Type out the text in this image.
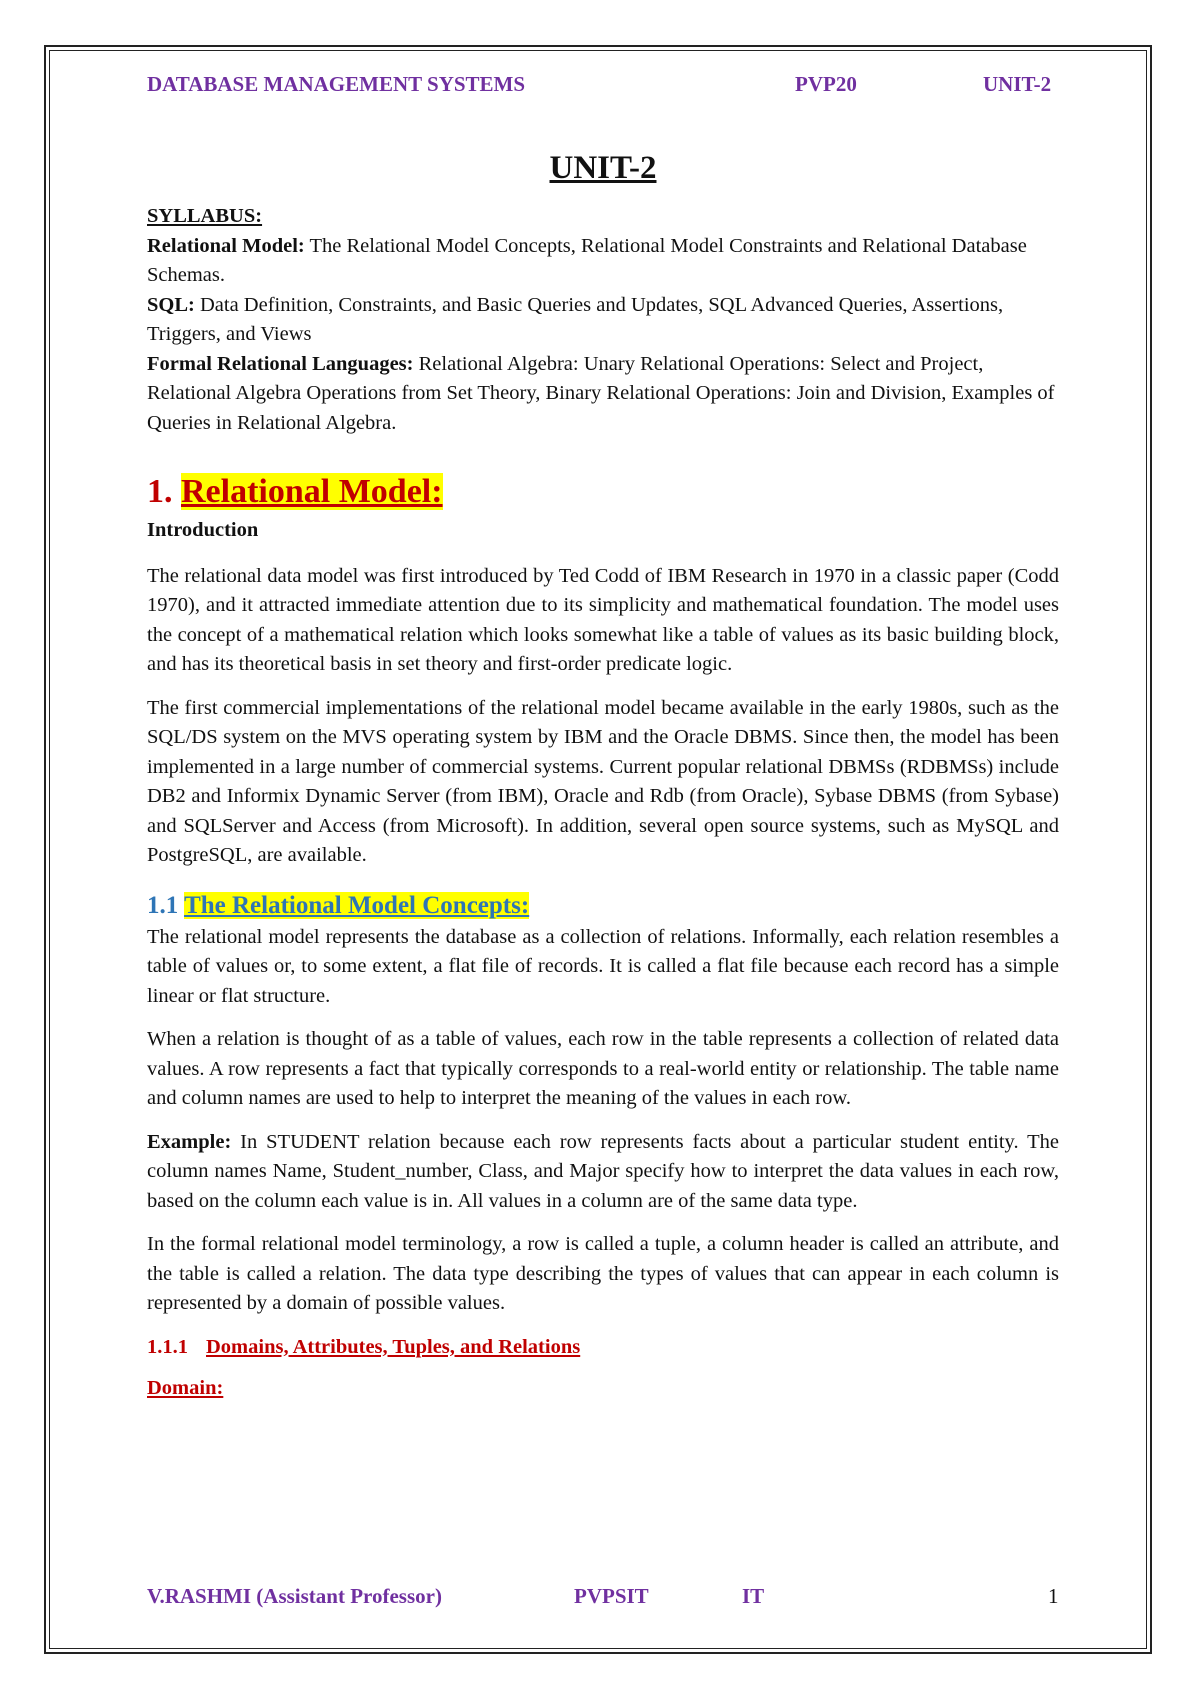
DATABASE MANAGEMENT SYSTEMS	PVP20	UNIT-2
UNIT-2
SYLLABUS:
Relational Model: The Relational Model Concepts, Relational Model Constraints and Relational Database Schemas.
SQL: Data Definition, Constraints, and Basic Queries and Updates, SQL Advanced Queries, Assertions, Triggers, and Views
Formal Relational Languages: Relational Algebra: Unary Relational Operations: Select and Project, Relational Algebra Operations from Set Theory, Binary Relational Operations: Join and Division, Examples of Queries in Relational Algebra.
1. Relational Model:
Introduction

The relational data model was first introduced by Ted Codd of IBM Research in 1970 in a classic paper (Codd 1970), and it attracted immediate attention due to its simplicity and mathematical foundation. The model uses the concept of a mathematical relation which looks somewhat like a table of values as its basic building block, and has its theoretical basis in set theory and first-order predicate logic.

The first commercial implementations of the relational model became available in the early 1980s, such as the SQL/DS system on the MVS operating system by IBM and the Oracle DBMS. Since then, the model has been implemented in a large number of commercial systems. Current popular relational DBMSs (RDBMSs) include DB2 and Informix Dynamic Server (from IBM), Oracle and Rdb (from Oracle), Sybase DBMS (from Sybase) and SQLServer and Access (from Microsoft). In addition, several open source systems, such as MySQL and PostgreSQL, are available.

1.1 The Relational Model Concepts:

The relational model represents the database as a collection of relations. Informally, each relation resembles a table of values or, to some extent, a flat file of records. It is called a flat file because each record has a simple linear or flat structure.

When a relation is thought of as a table of values, each row in the table represents a collection of related data values. A row represents a fact that typically corresponds to a real-world entity or relationship. The table name and column names are used to help to interpret the meaning of the values in each row.

Example: In STUDENT relation because each row represents facts about a particular student entity. The column names Name, Student_number, Class, and Major specify how to interpret the data values in each row, based on the column each value is in. All values in a column are of the same data type.

In the formal relational model terminology, a row is called a tuple, a column header is called an attribute, and the table is called a relation. The data type describing the types of values that can appear in each column is represented by a domain of possible values.

1.1.1 Domains, Attributes, Tuples, and Relations
Domain:
V.RASHMI (Assistant Professor)	PVPSIT	IT	1
